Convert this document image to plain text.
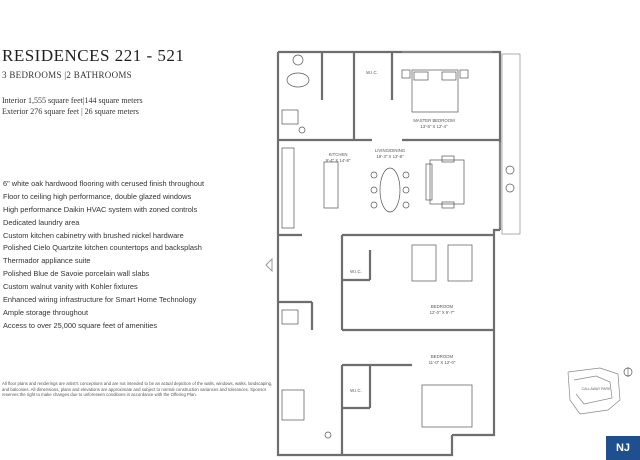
RESIDENCES 221 - 521
3 BEDROOMS |2 BATHROOMS
Interior 1,555 square feet|144 square meters
Exterior 276 square feet | 26 square meters
6" white oak hardwood flooring with cerused finish throughout
Floor to ceiling high performance, double glazed windows
High performance Daikin HVAC system with zoned controls
Dedicated laundry area
Custom kitchen cabinetry with brushed nickel hardware
Polished Cielo Quartzite kitchen countertops and backsplash
Thermador appliance suite
Polished Blue de Savoie porcelain wall slabs
Custom walnut vanity with Kohler fixtures
Enhanced wiring infrastructure for Smart Home Technology
Ample storage throughout
Access to over 25,000 square feet of amenities
All floor plans and renderings are artist's conceptions and are not intended to be an actual depiction of the walls, windows, walks, landscaping, and balconies. All dimensions, plans and elevations are approximate and subject to normal construction variances and tolerances. Sponsor reserves the right to make changes due to unforeseen conditions in accordance with the Offering Plan.
W.I.C.
MASTER BEDROOM
13'-6" X 12'-4"
KITCHEN
9'-4" X 14'-8"
LIVING/DINING
19'-3" X 13'-8"
W.I.C.
BEDROOM
12'-0" X 9'-7"
BEDROOM
11'-0" X 12'-0"
W.I.C.	CALLAWAY PARK
NJ
